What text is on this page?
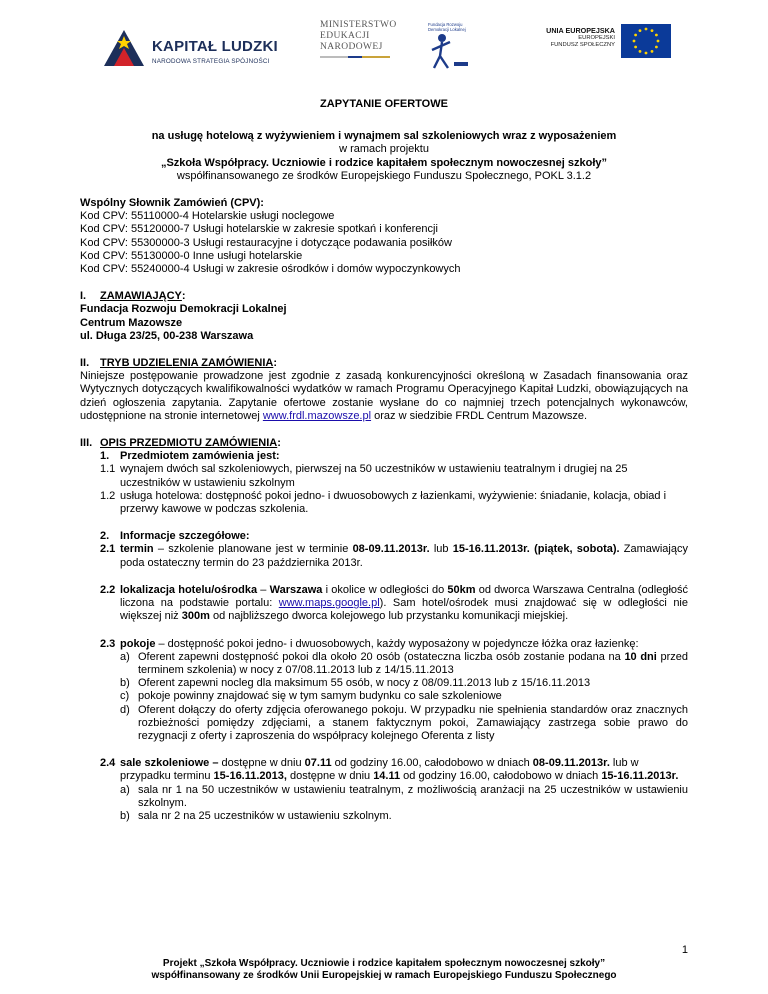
KAPITAŁ LUDZKI
NARODOWA STRATEGIA SPÓJNOŚCI
MINISTERSTWO
EDUKACJI
NARODOWEJ
Fundacja Rozwoju
Demokracji Lokalnej	UNIA EUROPEJSKA
EUROPEJSKI
FUNDUSZ SPOŁECZNY

ZAPYTANIE OFERTOWE

na usługę hotelową z wyżywieniem i wynajmem sal szkoleniowych wraz z wyposażeniem

w ramach projektu

„Szkoła Współpracy. Uczniowie i rodzice kapitałem społecznym nowoczesnej szkoły”

współfinansowanego ze środków Europejskiego Funduszu Społecznego, POKL 3.1.2

Wspólny Słownik Zamówień (CPV):

Kod CPV: 55110000-4 Hotelarskie usługi noclegowe

Kod CPV: 55120000-7 Usługi hotelarskie w zakresie spotkań i konferencji

Kod CPV: 55300000-3 Usługi restauracyjne i dotyczące podawania posiłków

Kod CPV: 55130000-0 Inne usługi hotelarskie

Kod CPV: 55240000-4 Usługi w zakresie ośrodków i domów wypoczynkowych

I.	ZAMAWIAJĄCY :

Fundacja Rozwoju Demokracji Lokalnej

Centrum Mazowsze

ul. Długa 23/25, 00-238 Warszawa

II. TRYB UDZIELENIA ZAMÓWIENIA :

Niniejsze postępowanie prowadzone jest zgodnie z zasadą konkurencyjności określoną w Zasadach finansowania oraz Wytycznych dotyczących kwalifikowalności wydatków w ramach Programu Operacyjnego Kapitał Ludzki, obowiązujących na dzień ogłoszenia zapytania. Zapytanie ofertowe zostanie wysłane do co najmniej trzech potencjalnych wykonawców, udostępnione na stronie internetowej www.frdl.mazowsze.pl oraz w siedzibie FRDL Centrum Mazowsze.

III. OPIS PRZEDMIOTU ZAMÓWIENIA :
1. Przedmiotem zamówienia jest:
1.1 wynajem dwóch sal szkoleniowych, pierwszej na 50 uczestników w ustawieniu teatralnym i drugiej na 25 uczestników w ustawieniu szkolnym
1.2 usługa hotelowa: dostępność pokoi jedno- i dwuosobowych z łazienkami, wyżywienie: śniadanie, kolacja, obiad i przerwy kawowe w podczas szkolenia.
2. Informacje szczegółowe:
2.1 termin – szkolenie planowane jest w terminie 08-09.11.2013r. lub 15-16.11.2013r. (piątek, sobota). Zamawiający poda ostateczny termin do 23 października 2013r.
2.2 lokalizacja hotelu/ośrodka – Warszawa i okolice w odległości do 50km od dworca Warszawa Centralna (odległość liczona na podstawie portalu: www.maps.google.pl). Sam hotel/ośrodek musi znajdować się w odległości nie większej niż 300m od najbliższego dworca kolejowego lub przystanku komunikacji miejskiej.
2.3 pokoje – dostępność pokoi jedno- i dwuosobowych, każdy wyposażony w pojedyncze łóżka oraz łazienkę:
a) Oferent zapewni dostępność pokoi dla około 20 osób (ostateczna liczba osób zostanie podana na 10 dni przed terminem szkolenia) w nocy z 07/08.11.2013 lub z 14/15.11.2013
b) Oferent zapewni nocleg dla maksimum 55 osób, w nocy z 08/09.11.2013 lub z 15/16.11.2013
c) pokoje powinny znajdować się w tym samym budynku co sale szkoleniowe
d) Oferent dołączy do oferty zdjęcia oferowanego pokoju. W przypadku nie spełnienia standardów oraz znacznych rozbieżności pomiędzy zdjęciami, a stanem faktycznym pokoi, Zamawiający zastrzega sobie prawo do rezygnacji z oferty i zaproszenia do współpracy kolejnego Oferenta z listy
2.4 sale szkoleniowe – dostępne w dniu 07.11 od godziny 16.00, całodobowo w dniach 08-09.11.2013r. lub w przypadku terminu 15-16.11.2013, dostępne w dniu 14.11 od godziny 16.00, całodobowo w dniach 15-16.11.2013r.
a) sala nr 1 na 50 uczestników w ustawieniu teatralnym, z możliwością aranżacji na 25 uczestników w ustawieniu szkolnym.
b) sala nr 2 na 25 uczestników w ustawieniu szkolnym.
1
Projekt „Szkoła Współpracy. Uczniowie i rodzice kapitałem społecznym nowoczesnej szkoły”
współfinansowany ze środków Unii Europejskiej w ramach Europejskiego Funduszu Społecznego
